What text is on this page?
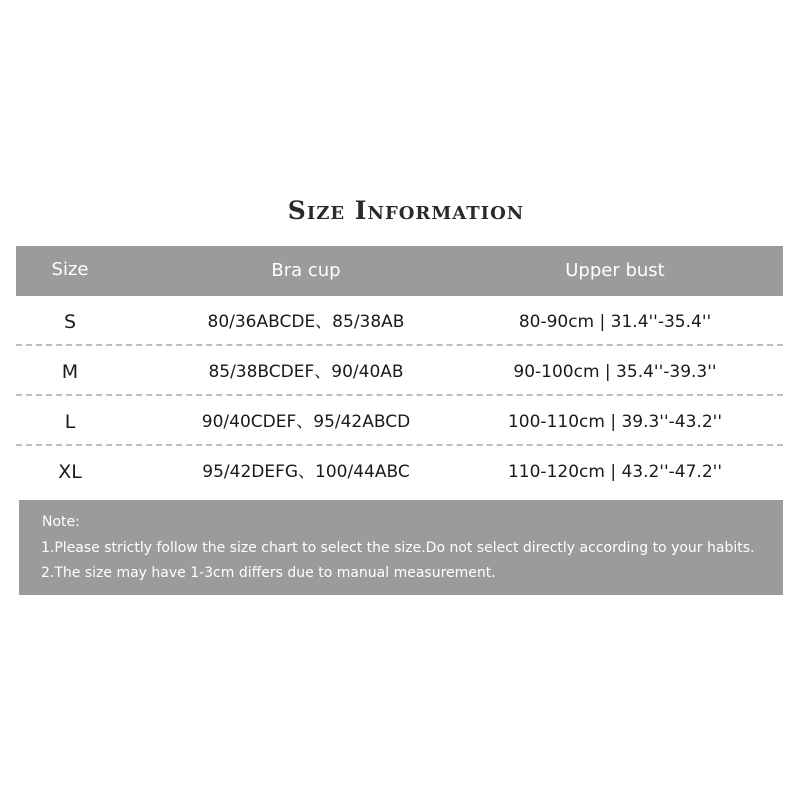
Size Information
Size	Bra cup	Upper bust
S	80/36ABCDE、85/38AB	80-90cm | 31.4''-35.4''
M	85/38BCDEF、90/40AB	90-100cm | 35.4''-39.3''
L	90/40CDEF、95/42ABCD	100-110cm | 39.3''-43.2''
XL	95/42DEFG、100/44ABC	110-120cm | 43.2''-47.2''
Note:
1.Please strictly follow the size chart to select the size.Do not select directly according to your habits.
2.The size may have 1-3cm differs due to manual measurement.
